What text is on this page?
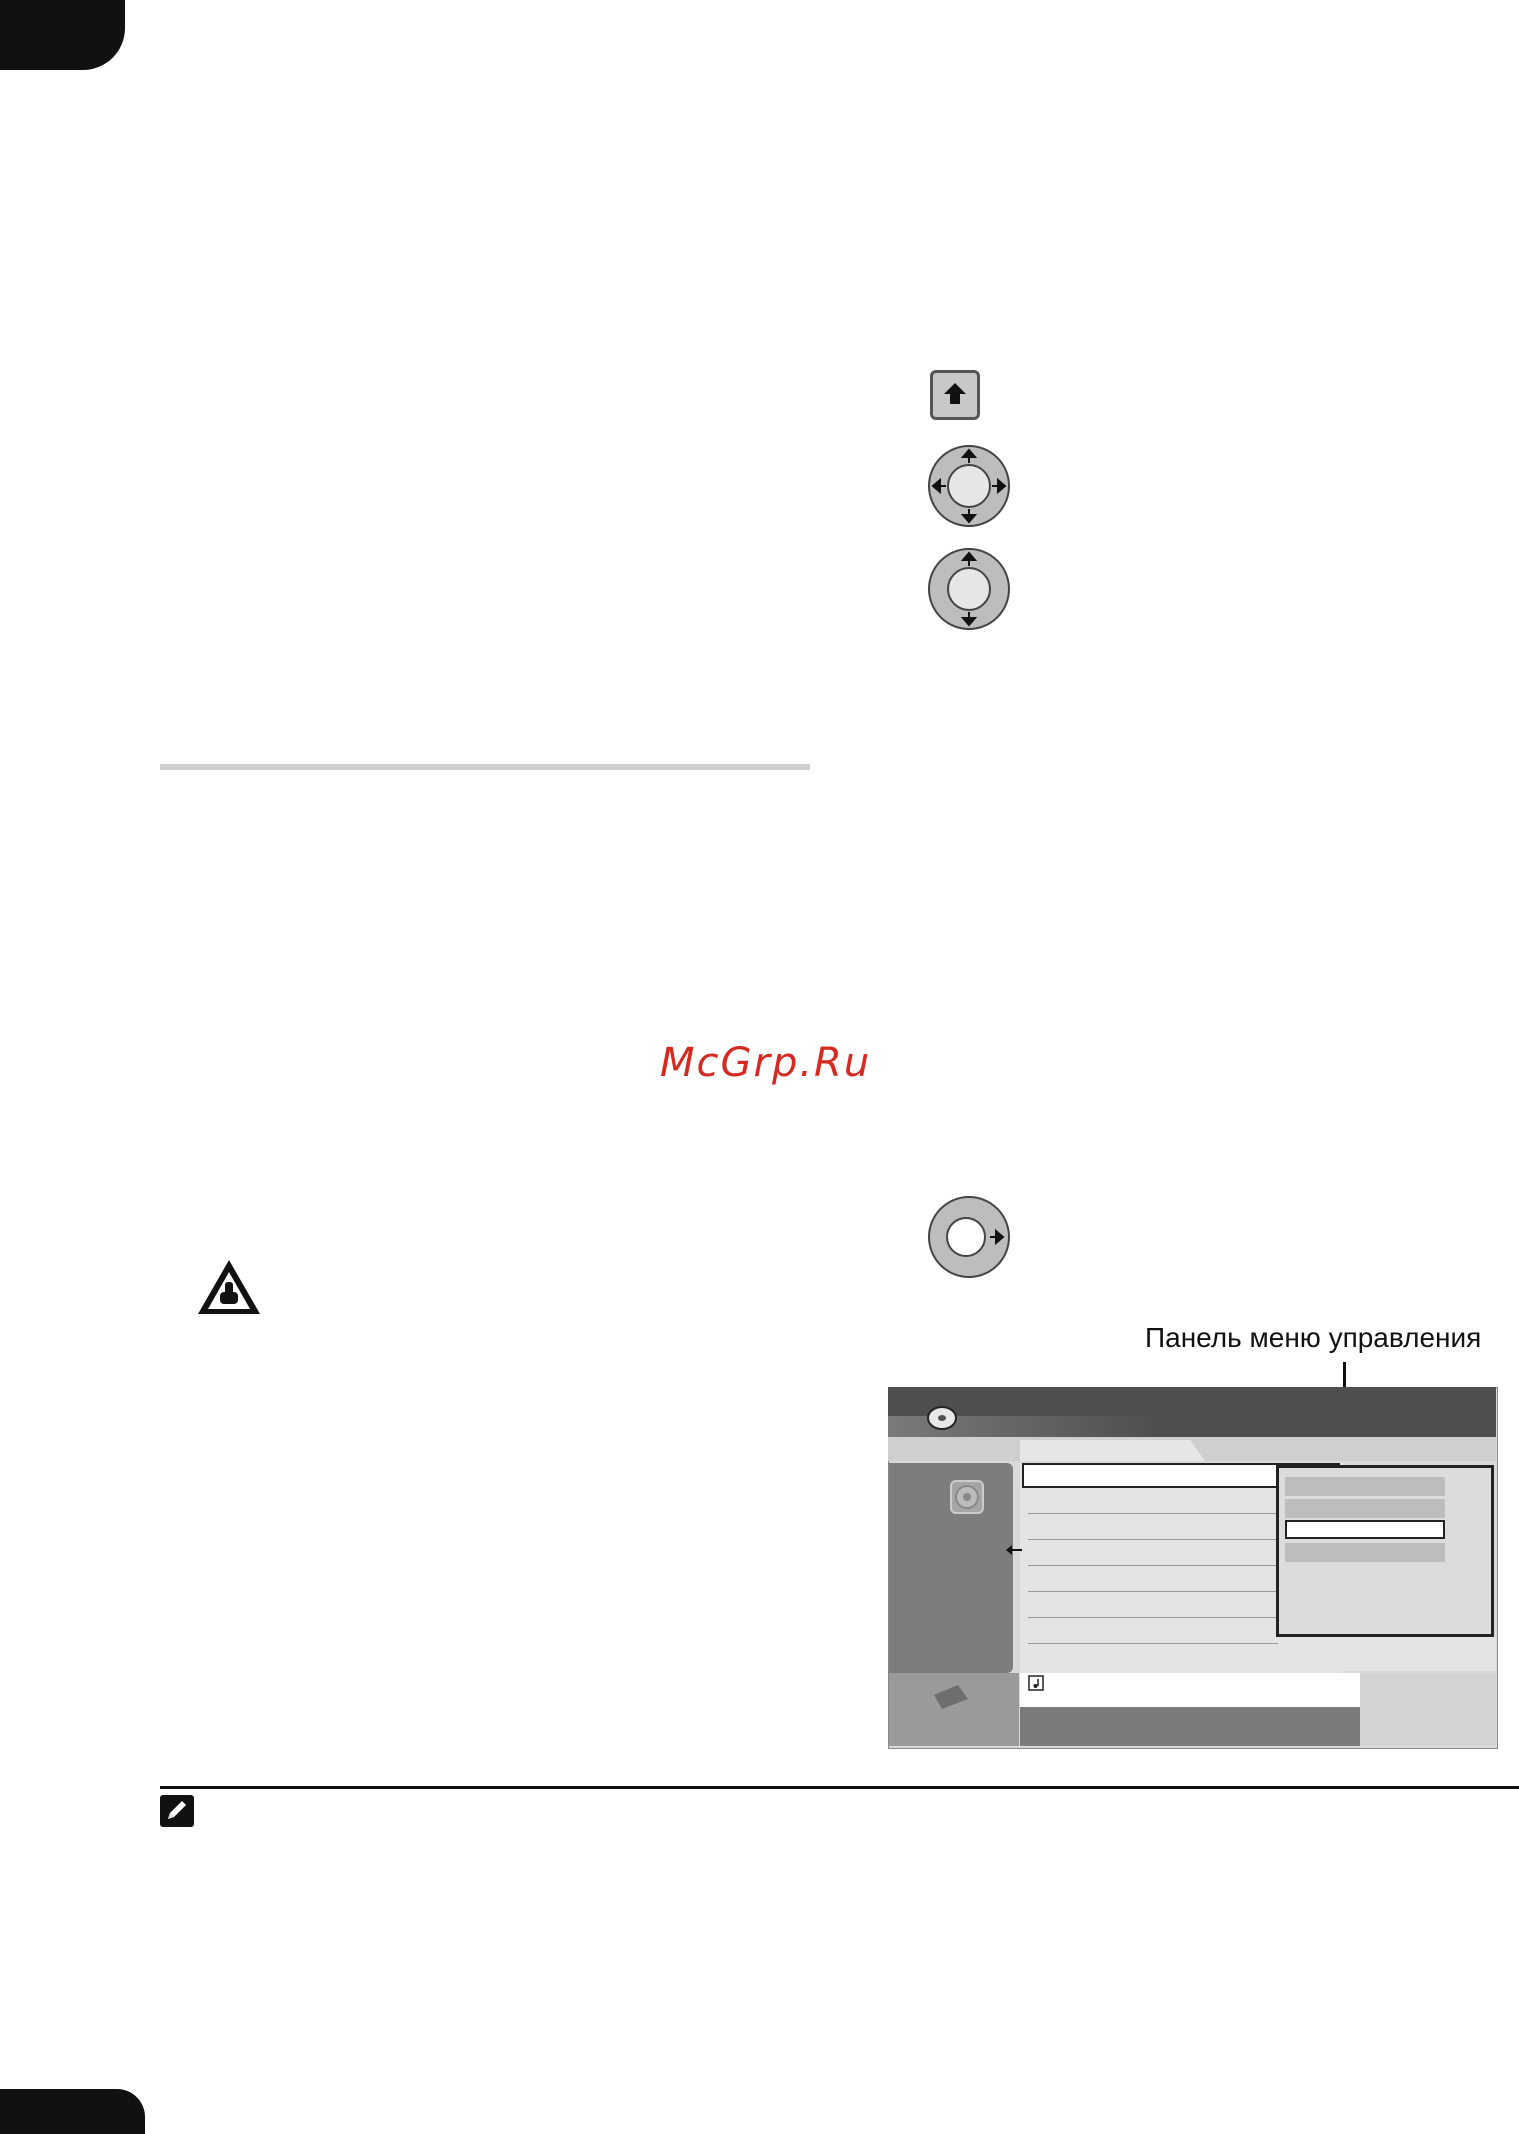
McGrp.Ru
Панель меню управления
